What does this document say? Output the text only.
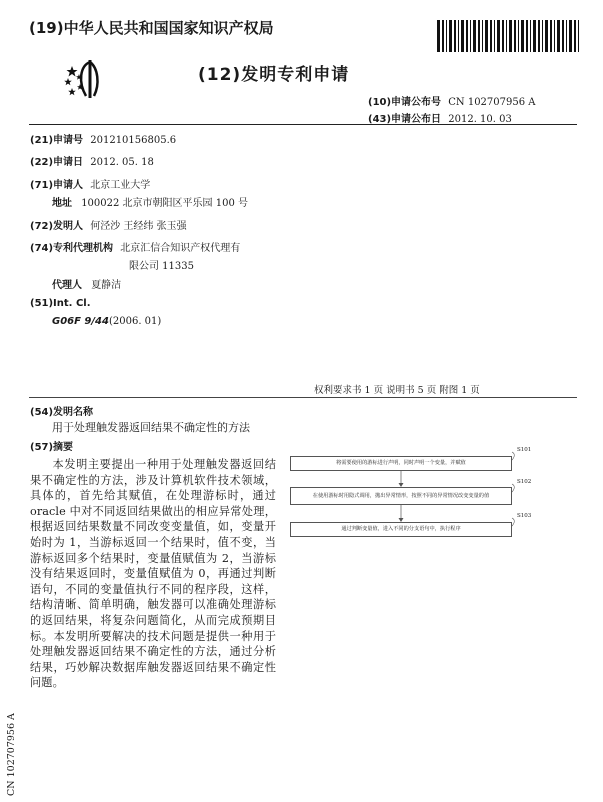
(19)中华人民共和国国家知识产权局
(12)发明专利申请
(10)申请公布号 CN 102707956 A
(43)申请公布日 2012. 10. 03
(21)申请号 201210156805.6
(22)申请日 2012. 05. 18
(71)申请人 北京工业大学
地址 100022 北京市朝阳区平乐园 100 号
(72)发明人 何泾沙 王经纬 张玉强
(74)专利代理机构 北京汇信合知识产权代理有
限公司 11335
代理人 夏静洁
(51)Int. Cl.
G06F 9/44(2006. 01)
权利要求书 1 页 说明书 5 页 附图 1 页
(54)发明名称
用于处理触发器返回结果不确定性的方法
(57)摘要
本发明主要提出一种用于处理触发器返回结果不确定性的方法，涉及计算机软件技术领域，具体的，首先给其赋值，在处理游标时，通过 oracle 中对不同返回结果做出的相应异常处理，根据返回结果数量不同改变变量值，如，变量开始时为 1，当游标返回一个结果时，值不变，当游标返回多个结果时，变量值赋值为 2，当游标没有结果返回时，变量值赋值为 0，再通过判断语句，不同的变量值执行不同的程序段，这样，结构清晰、简单明确，触发器可以准确处理游标的返回结果，将复杂问题简化，从而完成预期目标。本发明所要解决的技术问题是提供一种用于处理触发器返回结果不确定性的方法，通过分析结果，巧妙解决数据库触发器返回结果不确定性问题。
将需要使用的游标进行声明，同时声明一个变量，并赋值
S101
在使用游标时用隐式调用，抛出异常情形，按照不同的异常情况改变变量的值
S102
通过判断变量值，进入不同的分支语句中，执行程序
S103
CN 102707956 A
